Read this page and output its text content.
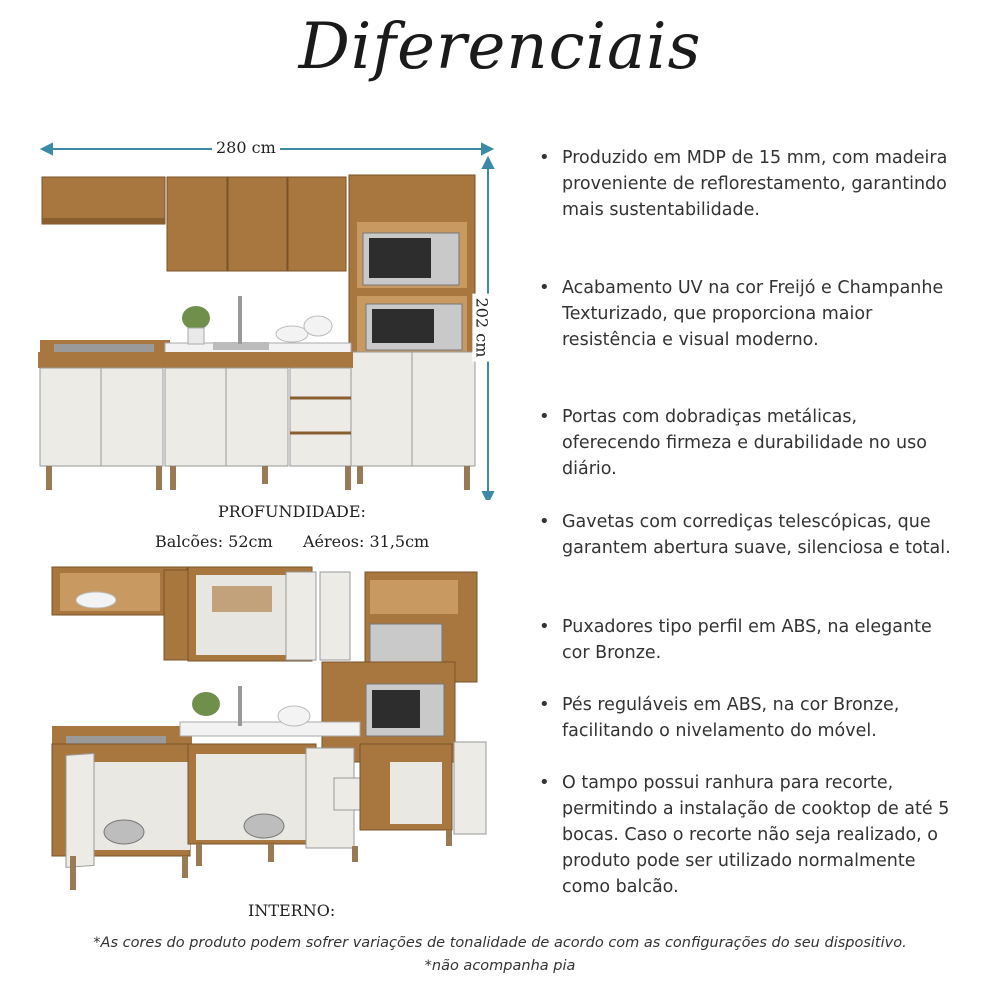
Diferenciais
280 cm
202 cm
PROFUNDIDADE:
Balcões: 52cm Aéreos: 31,5cm
INTERNO:
• Produzido em MDP de 15 mm, com madeira proveniente de reflorestamento, garantindo mais sustentabilidade.
• Acabamento UV na cor Freijó e Champanhe Texturizado, que proporciona maior resistência e visual moderno.
• Portas com dobradiças metálicas, oferecendo firmeza e durabilidade no uso diário.
• Gavetas com corrediças telescópicas, que garantem abertura suave, silenciosa e total.
• Puxadores tipo perfil em ABS, na elegante cor Bronze.
• Pés reguláveis em ABS, na cor Bronze, facilitando o nivelamento do móvel.
• O tampo possui ranhura para recorte, permitindo a instalação de cooktop de até 5 bocas. Caso o recorte não seja realizado, o produto pode ser utilizado normalmente como balcão.
*As cores do produto podem sofrer variações de tonalidade de acordo com as configurações do seu dispositivo.
*não acompanha pia
